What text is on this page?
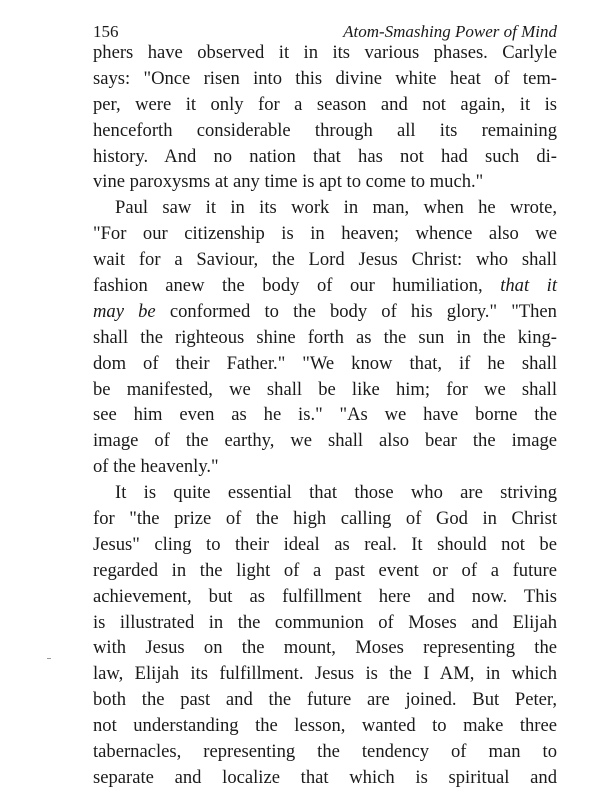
156	Atom-Smashing Power of Mind
phers have observed it in its various phases. Carlyle
says: "Once risen into this divine white heat of tem-
per, were it only for a season and not again, it is
henceforth considerable through all its remaining
history. And no nation that has not had such di-
vine paroxysms at any time is apt to come to much."
Paul saw it in its work in man, when he wrote,
"For our citizenship is in heaven; whence also we
wait for a Saviour, the Lord Jesus Christ: who shall
fashion anew the body of our humiliation, that it
may be conformed to the body of his glory." "Then
shall the righteous shine forth as the sun in the king-
dom of their Father." "We know that, if he shall
be manifested, we shall be like him; for we shall
see him even as he is." "As we have borne the
image of the earthy, we shall also bear the image
of the heavenly."
It is quite essential that those who are striving
for "the prize of the high calling of God in Christ
Jesus" cling to their ideal as real. It should not be
regarded in the light of a past event or of a future
achievement, but as fulfillment here and now. This
is illustrated in the communion of Moses and Elijah
with Jesus on the mount, Moses representing the
law, Elijah its fulfillment. Jesus is the I AM, in which
both the past and the future are joined. But Peter,
not understanding the lesson, wanted to make three
tabernacles, representing the tendency of man to
separate and localize that which is spiritual and
